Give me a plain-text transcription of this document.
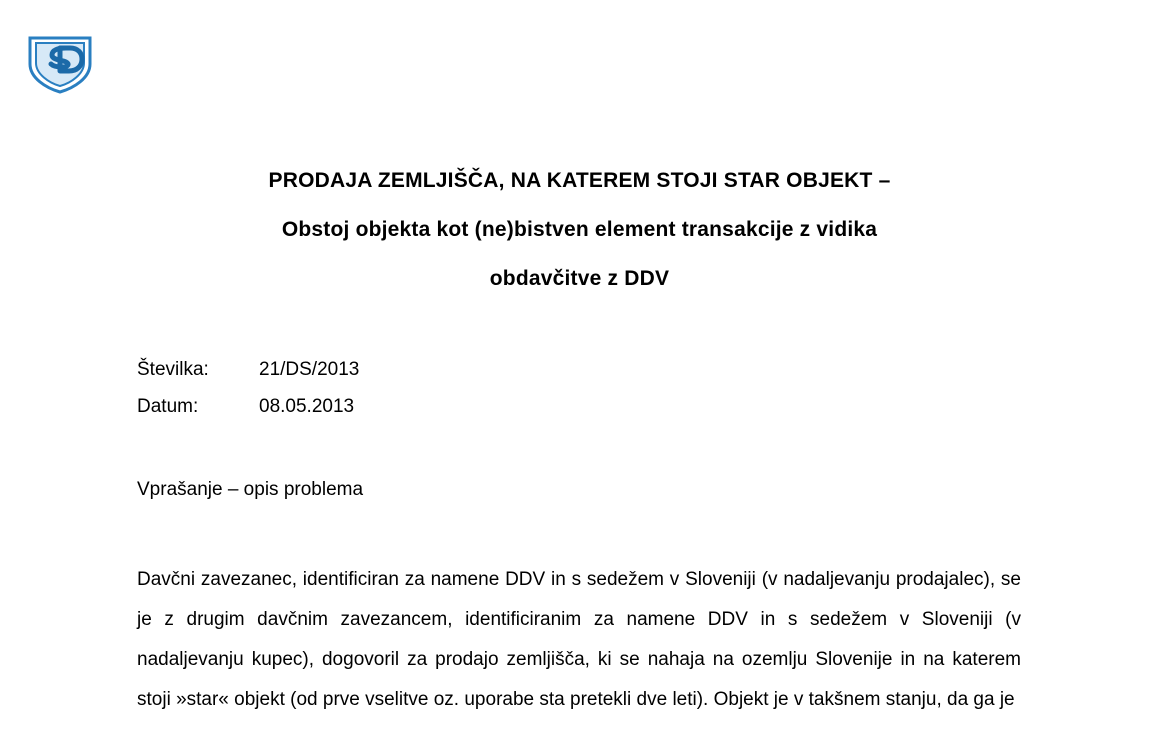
PRODAJA ZEMLJIŠČA, NA KATEREM STOJI STAR OBJEKT –
Obstoj objekta kot (ne)bistven element transakcije z vidika
obdavčitve z DDV
Številka:	21/DS/2013
Datum:	08.05.2013
Vprašanje – opis problema

Davčni zavezanec, identificiran za namene DDV in s sedežem v Sloveniji (v nadaljevanju prodajalec), se je z drugim davčnim zavezancem, identificiranim za namene DDV in s sedežem v Sloveniji (v nadaljevanju kupec), dogovoril za prodajo zemljišča, ki se nahaja na ozemlju Slovenije in na katerem stoji »star« objekt (od prve vselitve oz. uporabe sta pretekli dve leti). Objekt je v takšnem stanju, da ga je
